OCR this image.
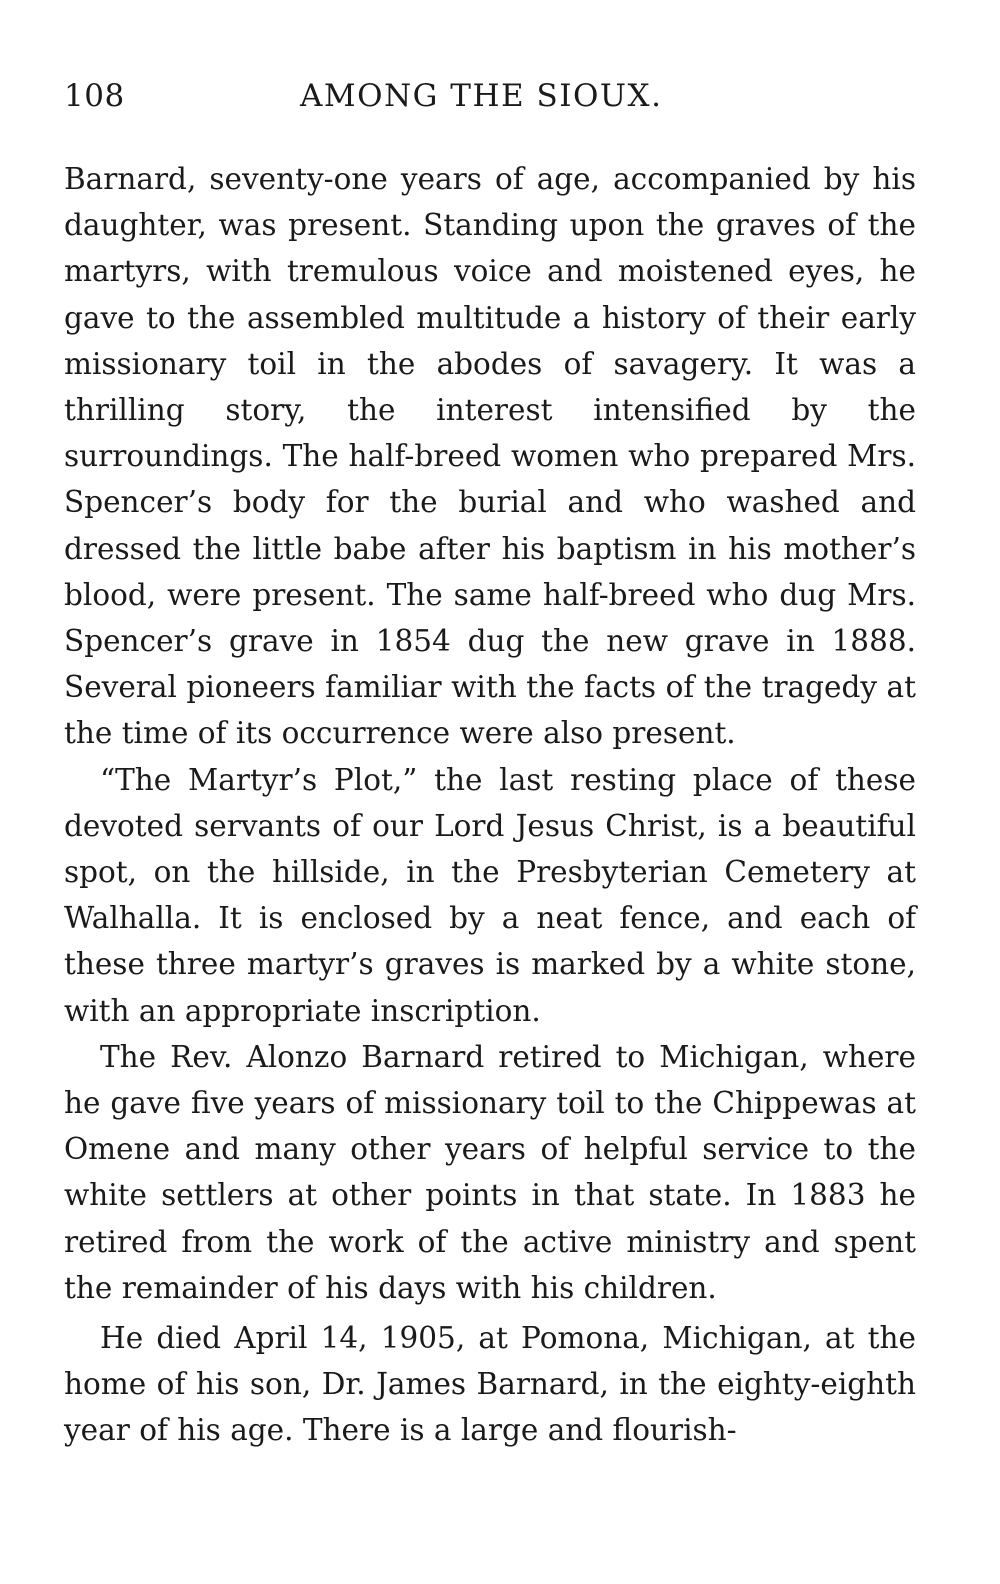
108	AMONG THE SIOUX.

Barnard, seventy-one years of age, accompanied by his daughter, was present. Standing upon the graves of the martyrs, with tremulous voice and moistened eyes, he gave to the assembled multitude a history of their early missionary toil in the abodes of savagery. It was a thrilling story, the interest intensified by the surroundings. The half-breed women who prepared Mrs. Spencer’s body for the burial and who washed and dressed the little babe after his baptism in his mother’s blood, were present. The same half-breed who dug Mrs. Spencer’s grave in 1854 dug the new grave in 1888. Several pioneers familiar with the facts of the tragedy at the time of its occurrence were also present.

“The Martyr’s Plot,” the last resting place of these devoted servants of our Lord Jesus Christ, is a beautiful spot, on the hillside, in the Presbyterian Cemetery at Walhalla. It is enclosed by a neat fence, and each of these three martyr’s graves is marked by a white stone, with an appropriate inscription.

The Rev. Alonzo Barnard retired to Michigan, where he gave five years of missionary toil to the Chippewas at Omene and many other years of helpful service to the white settlers at other points in that state. In 1883 he retired from the work of the active ministry and spent the remainder of his days with his children.

He died April 14, 1905, at Pomona, Michigan, at the home of his son, Dr. James Barnard, in the eighty-eighth year of his age. There is a large and flourish-
